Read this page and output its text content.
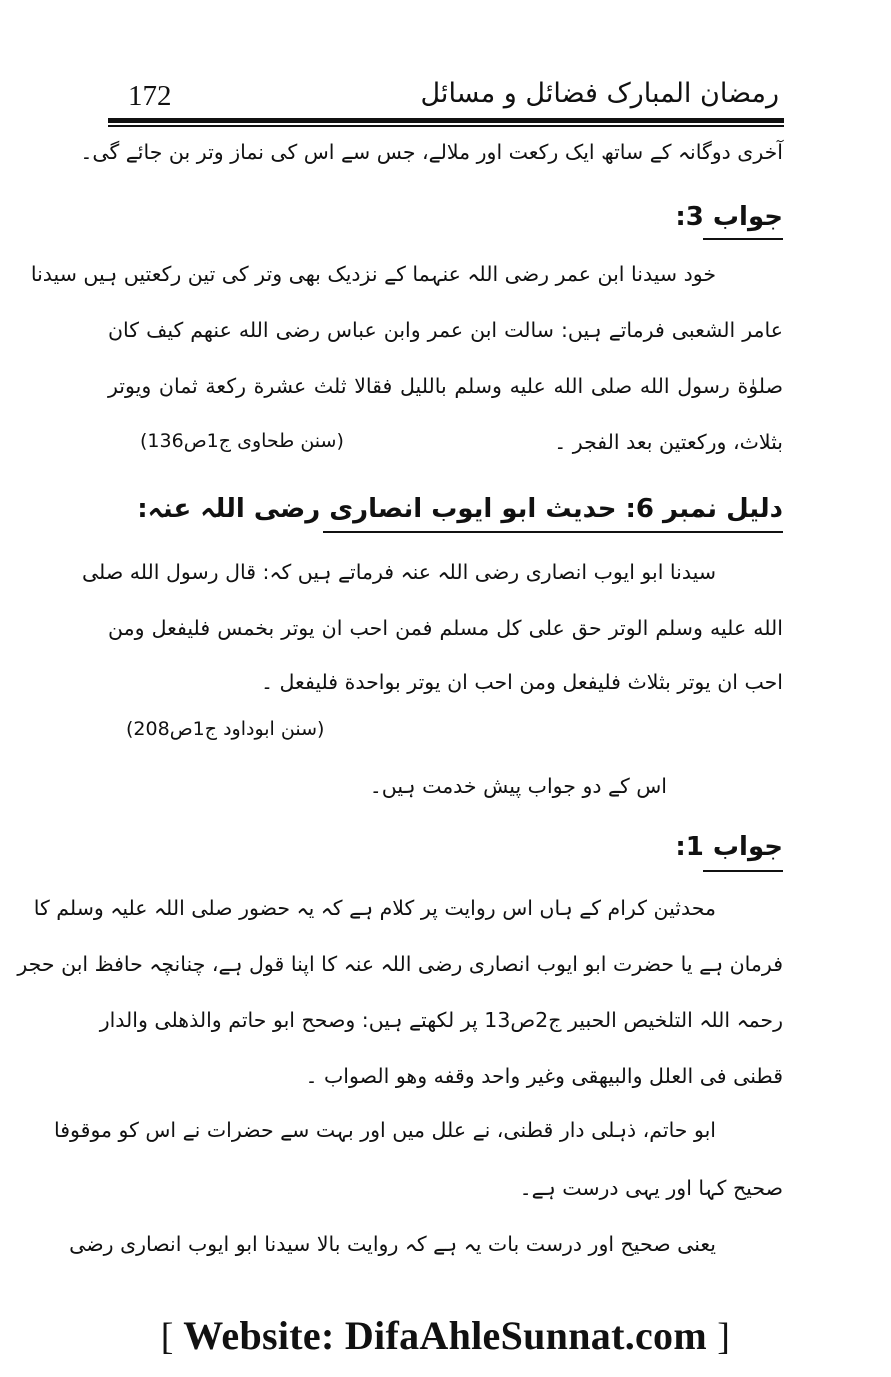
رمضان المبارک فضائل و مسائل
172
آخری دوگانہ کے ساتھ ایک رکعت اور ملالے، جس سے اس کی نماز وتر بن جائے گی۔
جواب 3:
خود سیدنا ابن عمر رضی اللہ عنہما کے نزدیک بھی وتر کی تین رکعتیں ہیں سیدنا
عامر الشعبی فرماتے ہیں: سالت ابن عمر وابن عباس رضی الله عنهم کیف کان
صلوٰة رسول الله صلی الله علیه وسلم باللیل فقالا ثلث عشرة رکعة ثمان ویوتر
بثلاث، ورکعتین بعد الفجر ۔
(سنن طحاوی ج1ص136)
دلیل نمبر 6: حدیث ابو ایوب انصاری رضی اللہ عنہ:
سیدنا ابو ایوب انصاری رضی اللہ عنہ فرماتے ہیں کہ: قال رسول الله صلی
الله علیه وسلم الوتر حق علی کل مسلم فمن احب ان یوتر بخمس فلیفعل ومن
احب ان یوتر بثلاث فلیفعل ومن احب ان یوتر بواحدة فلیفعل ۔
(سنن ابوداود ج1ص208)
اس کے دو جواب پیش خدمت ہیں۔
جواب 1:
محدثین کرام کے ہاں اس روایت پر کلام ہے کہ یہ حضور صلی اللہ علیہ وسلم کا
فرمان ہے یا حضرت ابو ایوب انصاری رضی اللہ عنہ کا اپنا قول ہے، چنانچہ حافظ ابن حجر
رحمہ اللہ التلخیص الحبیر ج2ص13 پر لکھتے ہیں: وصحح ابو حاتم والذهلی والدار
قطنی فی العلل والبیهقی وغیر واحد وقفه وهو الصواب ۔
ابو حاتم، ذہلی دار قطنی، نے علل میں اور بہت سے حضرات نے اس کو موقوفا
صحیح کہا اور یہی درست ہے۔
یعنی صحیح اور درست بات یہ ہے کہ روایت بالا سیدنا ابو ایوب انصاری رضی
[ Website: DifaAhleSunnat.com ]
